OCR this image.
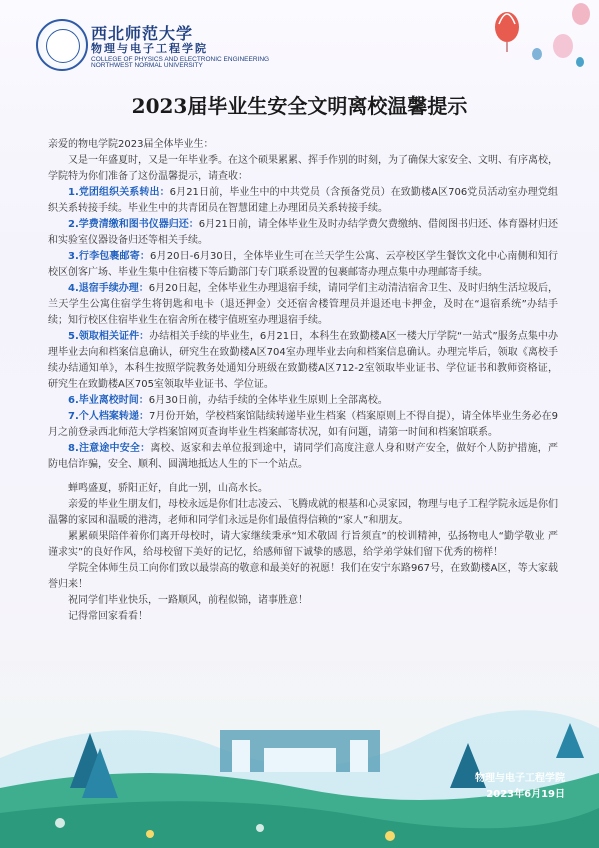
西北师范大学
物理与电子工程学院
COLLEGE OF PHYSICS AND ELECTRONIC ENGINEERING
NORTHWEST NORMAL UNIVERSITY
2023届毕业生安全文明离校温馨提示

亲爱的物电学院2023届全体毕业生：

又是一年盛夏时，又是一年毕业季。在这个硕果累累、挥手作别的时刻，为了确保大家安全、文明、有序离校，学院特为你们准备了这份温馨提示，请查收：

1.党团组织关系转出：6月21日前，毕业生中的中共党员（含预备党员）在致勤楼A区706党员活动室办理党组织关系转接手续。毕业生中的共青团员在智慧团建上办理团员关系转接手续。

2.学费清缴和图书仪器归还：6月21日前，请全体毕业生及时办结学费欠费缴纳、借阅图书归还、体育器材归还和实验室仪器设备归还等相关手续。

3.行李包裹邮寄：6月20日-6月30日，全体毕业生可在兰天学生公寓、云亭校区学生餐饮文化中心南侧和知行校区创客广场、毕业生集中住宿楼下等后勤部门专门联系设置的包裹邮寄办理点集中办理邮寄手续。

4.退宿手续办理：6月20日起，全体毕业生办理退宿手续，请同学们主动清洁宿舍卫生、及时归纳生活垃圾后，兰天学生公寓住宿学生将钥匙和电卡（退还押金）交还宿舍楼管理员并退还电卡押金，及时在“退宿系统”办结手续；知行校区住宿毕业生在宿舍所在楼宇值班室办理退宿手续。

5.领取相关证件：办结相关手续的毕业生，6月21日，本科生在致勤楼A区一楼大厅学院“一站式”服务点集中办理毕业去向和档案信息确认，研究生在致勤楼A区704室办理毕业去向和档案信息确认。办理完毕后，领取《离校手续办结通知单》，本科生按照学院教务处通知分班级在致勤楼A区712-2室领取毕业证书、学位证书和教师资格证，研究生在致勤楼A区705室领取毕业证书、学位证。

6.毕业离校时间：6月30日前，办结手续的全体毕业生原则上全部离校。

7.个人档案转递：7月份开始，学校档案馆陆续转递毕业生档案（档案原则上不得自提），请全体毕业生务必在9月之前登录西北师范大学档案馆网页查询毕业生档案邮寄状况，如有问题，请第一时间和档案馆联系。

8.注意途中安全：离校、返家和去单位报到途中，请同学们高度注意人身和财产安全，做好个人防护措施，严防电信诈骗，安全、顺利、圆满地抵达人生的下一个站点。

蝉鸣盛夏，骄阳正好，自此一别，山高水长。

亲爱的毕业生朋友们，母校永远是你们壮志凌云、飞腾成就的根基和心灵家园，物理与电子工程学院永远是你们温馨的家园和温暖的港湾，老师和同学们永远是你们最值得信赖的“家人”和朋友。

累累硕果陪伴着你们离开母校时，请大家继续秉承“知术敬固 行旨须直”的校训精神，弘扬物电人“勤学敬业 严谨求实”的良好作风，给母校留下美好的记忆，给感师留下诚挚的感恩，给学弟学妹们留下优秀的榜样！

学院全体师生员工向你们致以最崇高的敬意和最美好的祝愿！我们在安宁东路967号，在致勤楼A区，等大家载誉归来！

祝同学们毕业快乐，一路顺风，前程似锦，诸事胜意！

记得常回家看看！

物理与电子工程学院
2023年6月19日
